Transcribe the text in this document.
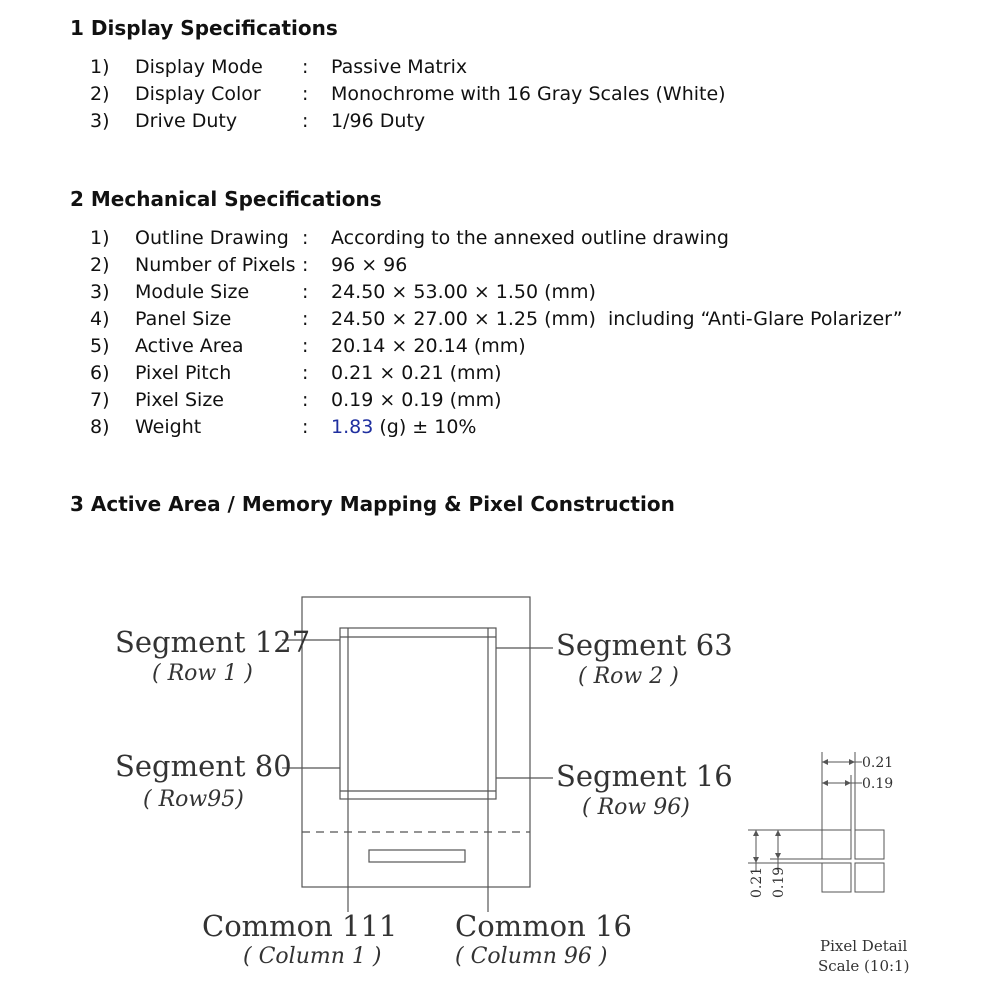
1 Display Specifications
1) Display Mode : Passive Matrix
2) Display Color : Monochrome with 16 Gray Scales (White)
3) Drive Duty	: 1/96 Duty
2 Mechanical Specifications
1) Outline Drawing : According to the annexed outline drawing
2) Number of Pixels : 96 × 96
3) Module Size	: 24.50 × 53.00 × 1.50 (mm)
4) Panel Size	: 24.50 × 27.00 × 1.25 (mm) including “Anti-Glare Polarizer”
5) Active Area	: 20.14 × 20.14 (mm)
6) Pixel Pitch	: 0.21 × 0.21 (mm)
7) Pixel Size	: 0.19 × 0.19 (mm)
8) Weight	: 1.83 (g) ± 10%
3 Active Area / Memory Mapping & Pixel Construction
Segment 127
( Row 1 )
Segment 63
( Row 2 )
Segment 80
( Row95)
Segment 16
( Row 96)
Common 111
( Column 1 )
Common 16
( Column 96 )
0.21
0.19
0.21 0.19
Pixel Detail
Scale (10:1)
